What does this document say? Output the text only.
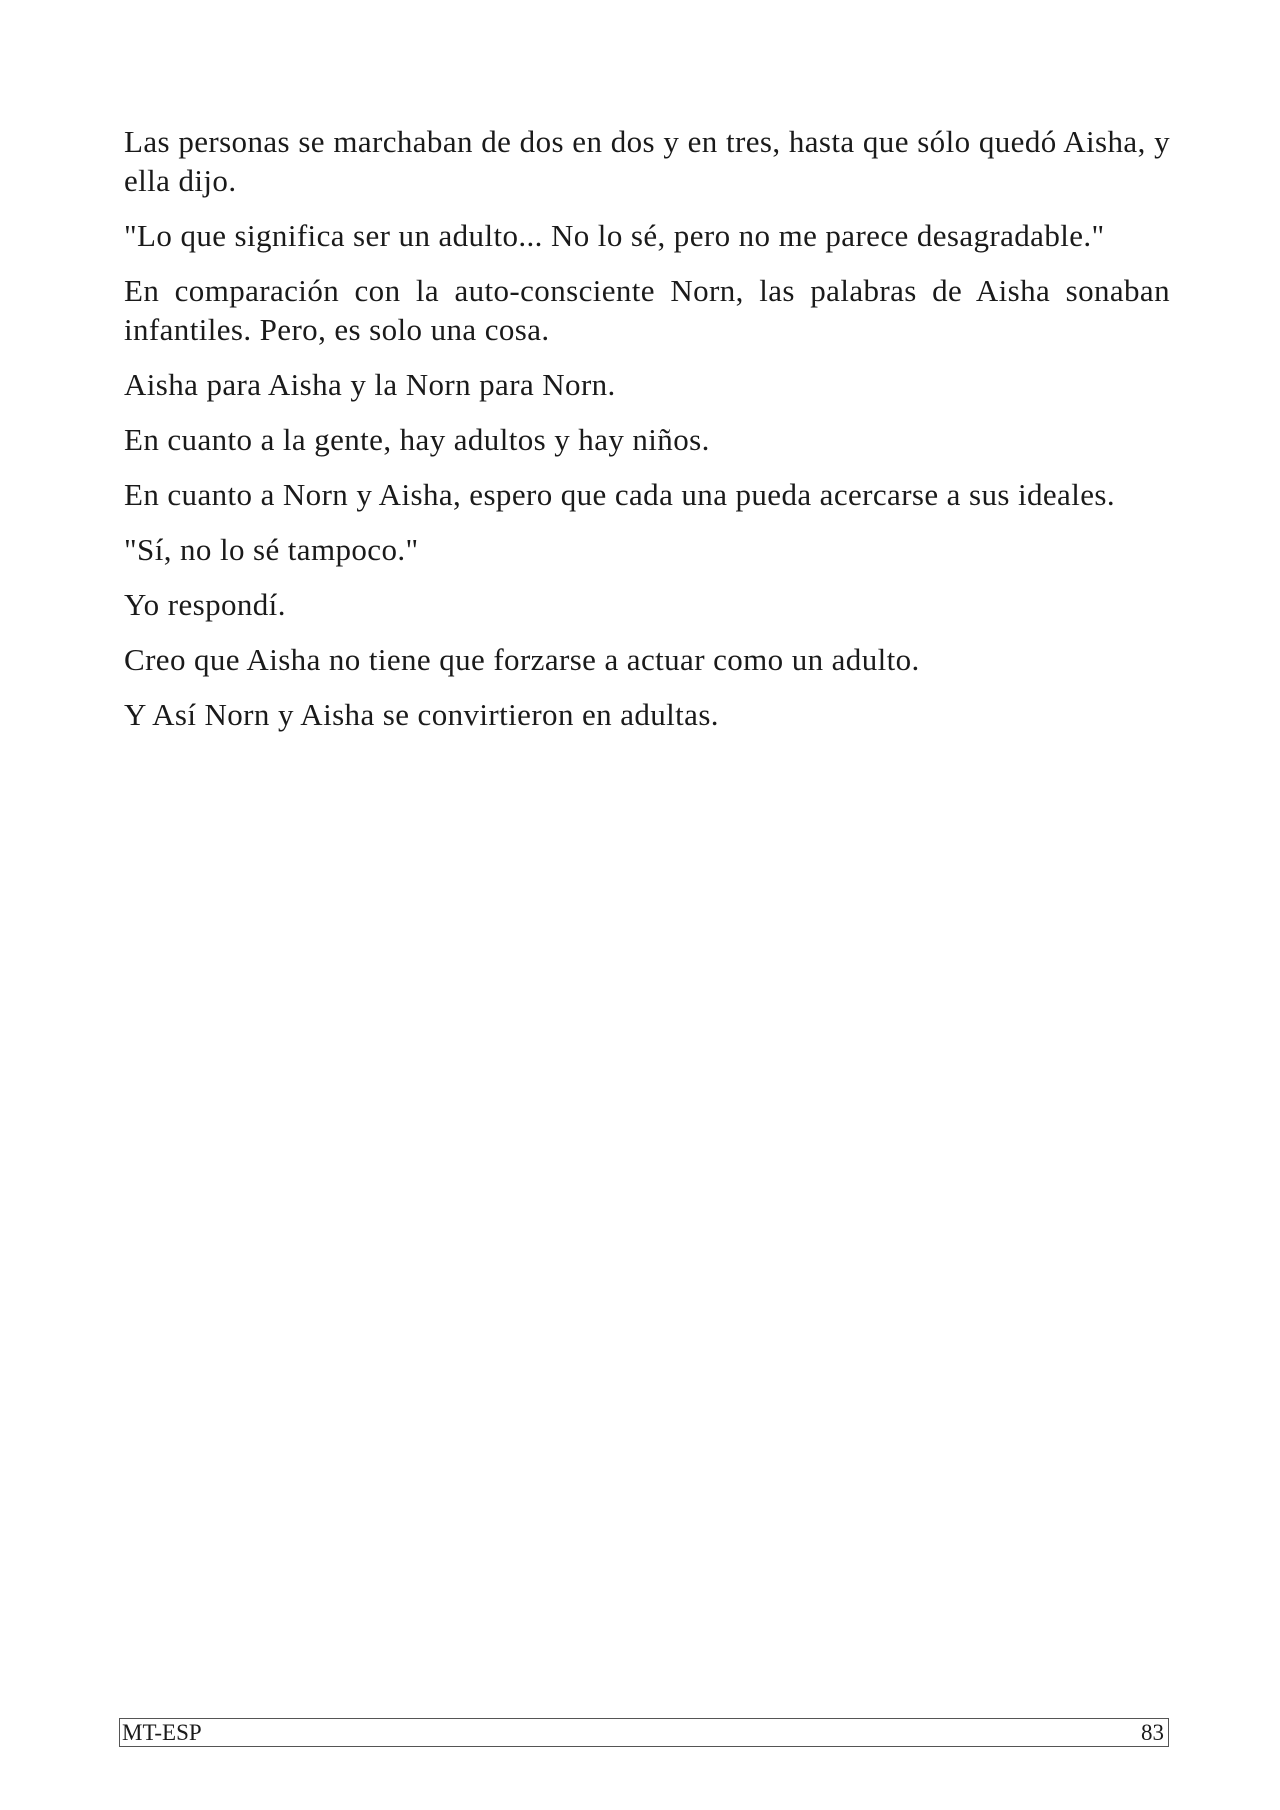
Las personas se marchaban de dos en dos y en tres, hasta que sólo quedó Aisha, y ella dijo.

"Lo que significa ser un adulto... No lo sé, pero no me parece desagradable."

En comparación con la auto-consciente Norn, las palabras de Aisha sonaban infantiles. Pero, es solo una cosa.

Aisha para Aisha y la Norn para Norn.

En cuanto a la gente, hay adultos y hay niños.

En cuanto a Norn y Aisha, espero que cada una pueda acercarse a sus ideales.

"Sí, no lo sé tampoco."

Yo respondí.

Creo que Aisha no tiene que forzarse a actuar como un adulto.

Y Así Norn y Aisha se convirtieron en adultas.

MT-ESP	83
